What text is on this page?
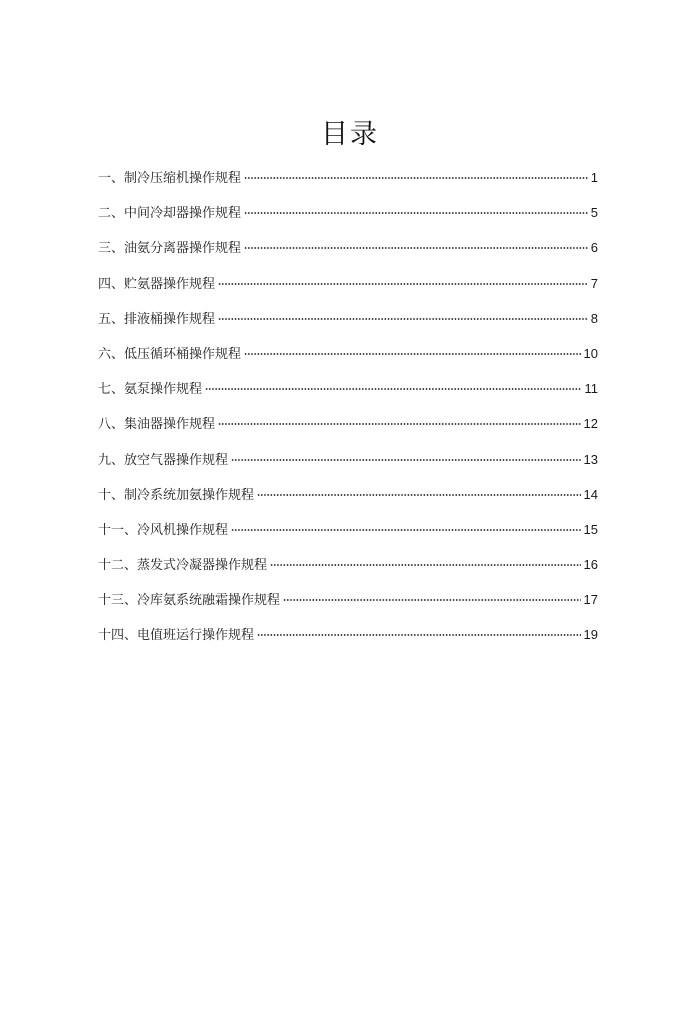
目录
一、制冷压缩机操作规程	1
二、中间冷却器操作规程	5
三、油氨分离器操作规程	6
四、贮氨器操作规程	7
五、排液桶操作规程	8
六、低压循环桶操作规程	10
七、氨泵操作规程	11
八、集油器操作规程	12
九、放空气器操作规程	13
十、制冷系统加氨操作规程	14
十一、冷风机操作规程	15
十二、蒸发式冷凝器操作规程	16
十三、冷库氨系统融霜操作规程	17
十四、电值班运行操作规程	19
